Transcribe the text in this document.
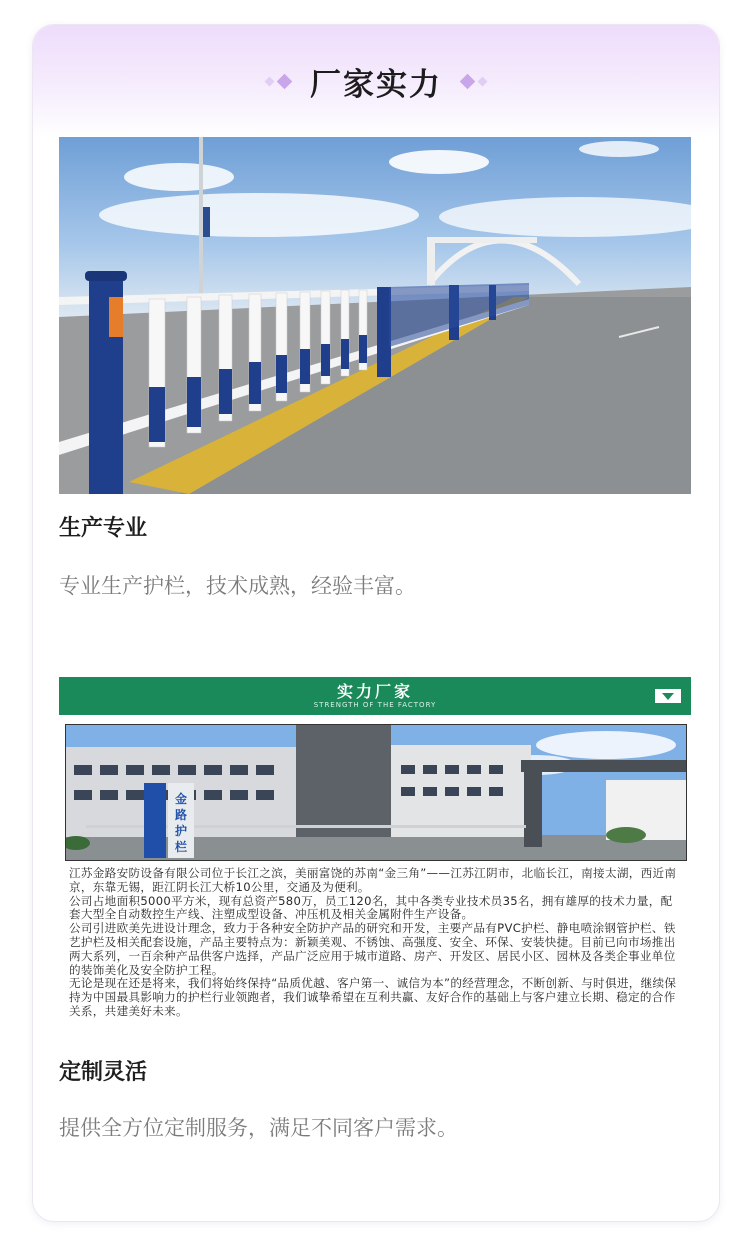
厂家实力
生产专业

专业生产护栏，技术成熟，经验丰富。

实力厂家
STRENGTH OF THE FACTORY
金
路
护
栏

江苏金路安防设备有限公司位于长江之滨，美丽富饶的苏南“金三角”——江苏江阴市，北临长江，南接太湖，西近南京，东靠无锡，距江阴长江大桥10公里，交通及为便利。
公司占地面积5000平方米，现有总资产580万，员工120名，其中各类专业技术员35名，拥有雄厚的技术力量，配套大型全自动数控生产线、注塑成型设备、冲压机及相关金属附件生产设备。
公司引进欧美先进设计理念，致力于各种安全防护产品的研究和开发，主要产品有PVC护栏、静电喷涂钢管护栏、铁艺护栏及相关配套设施，产品主要特点为：新颖美观、不锈蚀、高强度、安全、环保、安装快捷。目前已向市场推出两大系列，一百余种产品供客户选择，产品广泛应用于城市道路、房产、开发区、居民小区、园林及各类企事业单位的装饰美化及安全防护工程。
无论是现在还是将来，我们将始终保持“品质优越、客户第一、诚信为本”的经营理念，不断创新、与时俱进，继续保持为中国最具影响力的护栏行业领跑者，我们诚挚希望在互利共赢、友好合作的基础上与客户建立长期、稳定的合作关系，共建美好未来。

定制灵活

提供全方位定制服务，满足不同客户需求。
